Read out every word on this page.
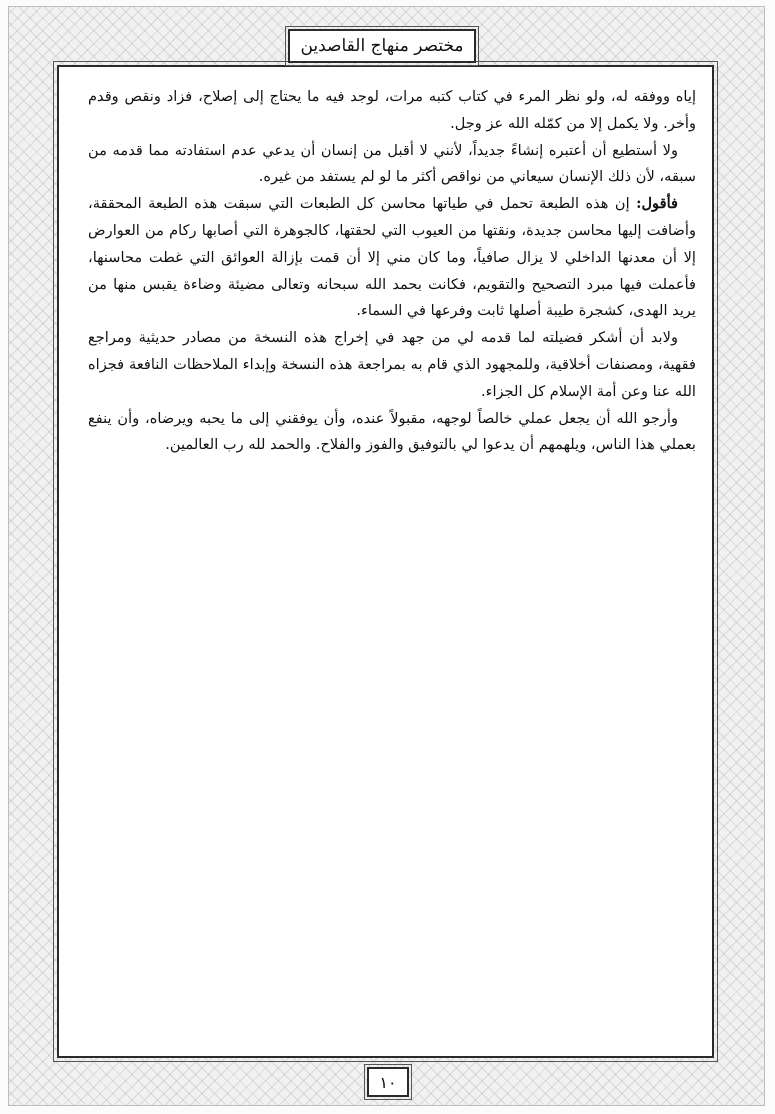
مختصر منهاج القاصدين

إياه ووفقه له، ولو نظر المرء في كتاب كتبه مرات، لوجد فيه ما يحتاج إلى إصلاح، فزاد ونقص وقدم وأخر. ولا يكمل إلا من كمّله الله عز وجل.

ولا أستطيع أن أعتبره إنشاءً جديداً، لأنني لا أقبل من إنسان أن يدعي عدم استفادته مما قدمه من سبقه، لأن ذلك الإنسان سيعاني من نواقص أكثر ما لو لم يستفد من غيره.

فأقول: إن هذه الطبعة تحمل في طياتها محاسن كل الطبعات التي سبقت هذه الطبعة المحققة، وأضافت إليها محاسن جديدة، ونقتها من العيوب التي لحقتها، كالجوهرة التي أصابها ركام من العوارض إلا أن معدنها الداخلي لا يزال صافياً، وما كان مني إلا أن قمت بإزالة العوائق التي غطت محاسنها، فأعملت فيها مبرد التصحيح والتقويم، فكانت بحمد الله سبحانه وتعالى مضيئة وضاءة يقبس منها من يريد الهدى، كشجرة طيبة أصلها ثابت وفرعها في السماء.

ولابد أن أشكر فضيلته لما قدمه لي من جهد في إخراج هذه النسخة من مصادر حديثية ومراجع فقهية، ومصنفات أخلاقية، وللمجهود الذي قام به بمراجعة هذه النسخة وإبداء الملاحظات النافعة فجزاه الله عنا وعن أمة الإسلام كل الجزاء.

وأرجو الله أن يجعل عملي خالصاً لوجهه، مقبولاً عنده، وأن يوفقني إلى ما يحبه ويرضاه، وأن ينفع بعملي هذا الناس، ويلهمهم أن يدعوا لي بالتوفيق والفوز والفلاح. والحمد لله رب العالمين.

١٠
